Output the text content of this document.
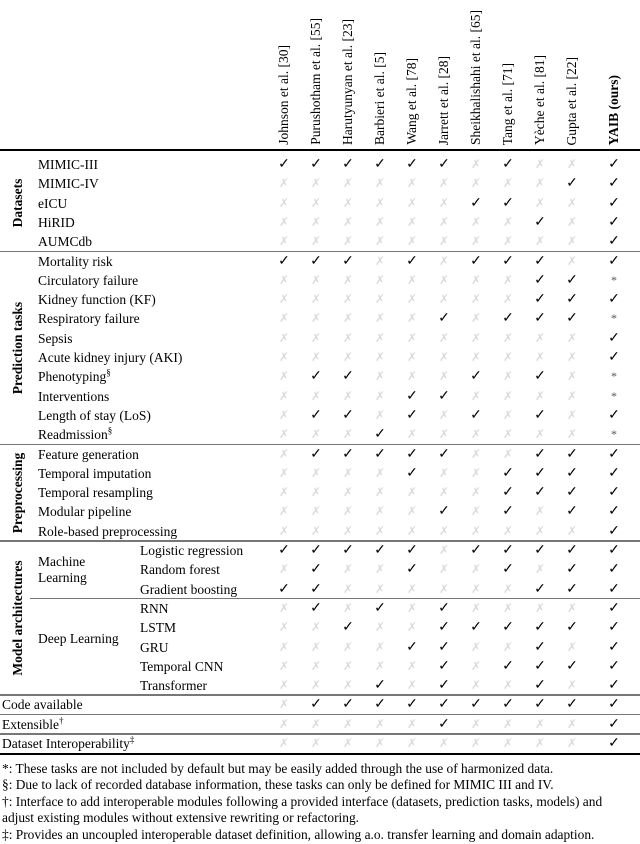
Johnson et al. [30] Purushotham et al. [55] Harutyunyan et al. [23] Barbieri et al. [5] Wang et al. [78] Jarrett et al. [28] Sheikhalishahi et al. [65] Tang et al. [71] Yèche et al. [81] Gupta et al. [22] YAIB (ours)
MIMIC-III	✓	✓	✓	✓	✓	✓	✗	✓	✗	✗	✓
MIMIC-IV	✗	✗	✗	✗	✗	✗	✗	✗	✗	✓	✓
eICU	✗	✗	✗	✗	✗	✗	✓	✓	✗	✗	✓
HiRID	✗	✗	✗	✗	✗	✗	✗	✗	✓	✗	✓
AUMCdb	✗	✗	✗	✗	✗	✗	✗	✗	✗	✗	✓
Datasets
Mortality risk	✓	✓	✓	✗	✓	✗	✓	✓	✓	✗	✓
Circulatory failure	✗	✗	✗	✗	✗	✗	✗	✗	✓	✓	*
Kidney function (KF)	✗	✗	✗	✗	✗	✗	✗	✗	✓	✓	✓
Respiratory failure	✗	✗	✗	✗	✗	✓	✗	✓	✓	✓	*
Sepsis	✗	✗	✗	✗	✗	✗	✗	✗	✗	✗	✓
Acute kidney injury (AKI)	✗	✗	✗	✗	✗	✗	✗	✗	✗	✗	✓
Phenotyping§	✗	✓	✓	✗	✗	✗	✓	✗	✓	✗	*
Interventions	✗	✗	✗	✗	✓	✓	✗	✗	✗	✗	*
Length of stay (LoS)	✗	✓	✓	✗	✓	✗	✓	✗	✓	✗	✓
Readmission§	✗	✗	✗	✓	✗	✗	✗	✗	✗	✗	*
Prediction tasks
Feature generation	✗	✓	✓	✓	✓	✓	✗	✗	✓	✓	✓
Temporal imputation	✗	✗	✗	✗	✓	✗	✗	✓	✓	✓	✓
Temporal resampling	✗	✗	✗	✗	✗	✗	✗	✓	✓	✓	✓
Modular pipeline	✗	✗	✗	✗	✗	✓	✗	✓	✗	✓	✓
Role-based preprocessing	✗	✗	✗	✗	✗	✗	✗	✗	✗	✗	✓
Preprocessing
Logistic regression	✓	✓	✓	✓	✓	✗	✓	✓	✓	✓	✓
Random forest	✗	✓	✗	✗	✓	✗	✗	✓	✗	✓	✓
Gradient boosting	✓	✓	✗	✗	✗	✗	✗	✗	✓	✓	✓
Machine Learning
RNN	✗	✓	✗	✓	✗	✓	✗	✗	✗	✗	✓
LSTM	✗	✗	✓	✗	✗	✓	✓	✓	✓	✓	✓
GRU	✗	✗	✗	✗	✓	✓	✗	✗	✓	✗	✓
Temporal CNN	✗	✗	✗	✗	✗	✓	✗	✓	✓	✓	✓
Transformer	✗	✗	✗	✓	✗	✓	✗	✗	✓	✗	✓
Deep Learning
Model architectures
Code available	✗	✓	✓	✓	✓	✓	✓	✓	✓	✓	✓
Extensible†	✗	✗	✗	✗	✗	✓	✗	✗	✗	✗	✓
Dataset Interoperability‡	✗	✗	✗	✗	✗	✗	✗	✗	✗	✗	✓
*: These tasks are not included by default but may be easily added through the use of harmonized data.
§: Due to lack of recorded database information, these tasks can only be defined for MIMIC III and IV.
†: Interface to add interoperable modules following a provided interface (datasets, prediction tasks, models) and
adjust existing modules without extensive rewriting or refactoring.
‡: Provides an uncoupled interoperable dataset definition, allowing a.o. transfer learning and domain adaption.
